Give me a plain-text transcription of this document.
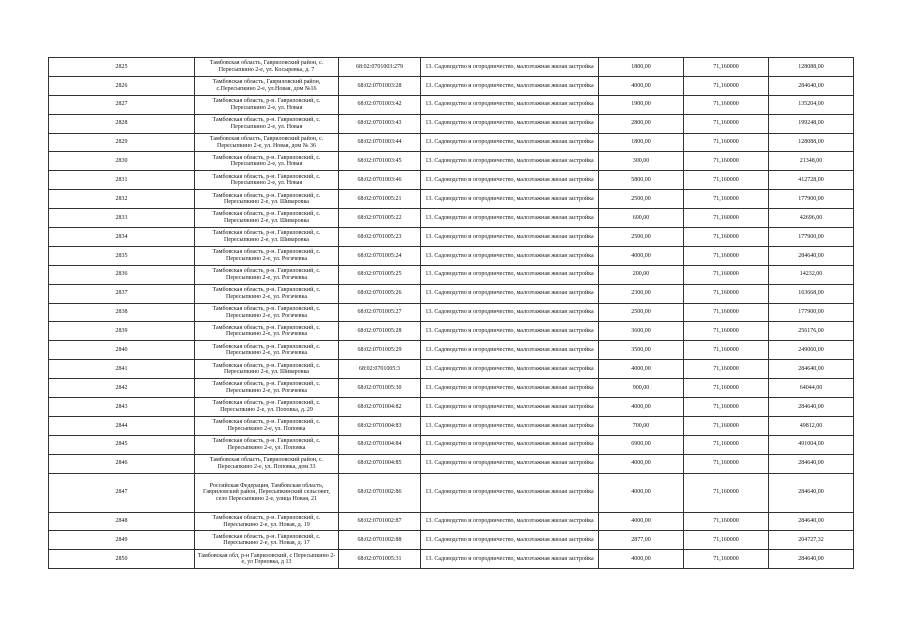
2825	Тамбовская область, Гавриловский район, с. Пересыпкино 2-е, ул. Косыревка, д. 7	68:02:0701003:279	13. Садоводство и огородничество, малоэтажная жилая застройка	1800,00	71,160000	128088,00
2826	Тамбовская область, Гавриловский район, с.Пересыпкино 2-е, ул.Новая, дом №16	68:02:0701003:28	13. Садоводство и огородничество, малоэтажная жилая застройка	4000,00	71,160000	284640,00
2827	Тамбовская область, р-н. Гавриловский, с. Пересыпкино 2-е, ул. Новая	68:02:0701003:42	13. Садоводство и огородничество, малоэтажная жилая застройка	1900,00	71,160000	135204,00
2828	Тамбовская область, р-н. Гавриловский, с. Пересыпкино 2-е, ул. Новая	68:02:0701003:43	13. Садоводство и огородничество, малоэтажная жилая застройка	2800,00	71,160000	199248,00
2829	Тамбовская область, Гавриловский район, с. Пересыпкино 2-е, ул. Новая, дом № 36	68:02:0701003:44	13. Садоводство и огородничество, малоэтажная жилая застройка	1800,00	71,160000	128088,00
2830	Тамбовская область, р-н. Гавриловский, с. Пересыпкино 2-е, ул. Новая	68:02:0701003:45	13. Садоводство и огородничество, малоэтажная жилая застройка	300,00	71,160000	21348,00
2831	Тамбовская область, р-н. Гавриловский, с. Пересыпкино 2-е, ул. Новая	68:02:0701003:46	13. Садоводство и огородничество, малоэтажная жилая застройка	5800,00	71,160000	412728,00
2832	Тамбовская область, р-н. Гавриловский, с. Пересыпкино 2-е, ул. Шиваровка	68:02:0701005:21	13. Садоводство и огородничество, малоэтажная жилая застройка	2500,00	71,160000	177900,00
2833	Тамбовская область, р-н. Гавриловский, с. Пересыпкино 2-е, ул. Шиваровка	68:02:0701005:22	13. Садоводство и огородничество, малоэтажная жилая застройка	600,00	71,160000	42696,00
2834	Тамбовская область, р-н. Гавриловский, с. Пересыпкино 2-е, ул. Шиваровка	68:02:0701005:23	13. Садоводство и огородничество, малоэтажная жилая застройка	2500,00	71,160000	177900,00
2835	Тамбовская область, р-н. Гавриловский, с. Пересыпкино 2-е, ул. Рогачевка	68:02:0701005:24	13. Садоводство и огородничество, малоэтажная жилая застройка	4000,00	71,160000	284640,00
2836	Тамбовская область, р-н. Гавриловский, с. Пересыпкино 2-е, ул. Рогачевка	68:02:0701005:25	13. Садоводство и огородничество, малоэтажная жилая застройка	200,00	71,160000	14232,00
2837	Тамбовская область, р-н. Гавриловский, с. Пересыпкино 2-е, ул. Рогачевка	68:02:0701005:26	13. Садоводство и огородничество, малоэтажная жилая застройка	2300,00	71,160000	163668,00
2838	Тамбовская область, р-н. Гавриловский, с. Пересыпкино 2-е, ул. Рогачевка	68:02:0701005:27	13. Садоводство и огородничество, малоэтажная жилая застройка	2500,00	71,160000	177900,00
2839	Тамбовская область, р-н. Гавриловский, с. Пересыпкино 2-е, ул. Рогачевка	68:02:0701005:28	13. Садоводство и огородничество, малоэтажная жилая застройка	3600,00	71,160000	256176,00
2840	Тамбовская область, р-н. Гавриловский, с. Пересыпкино 2-е, ул. Рогачевка	68:02:0701005:29	13. Садоводство и огородничество, малоэтажная жилая застройка	3500,00	71,160000	249060,00
2841	Тамбовская область, р-н. Гавриловский, с. Пересыпкино 2-е, ул. Шиваровка	68:02:0701005:3	13. Садоводство и огородничество, малоэтажная жилая застройка	4000,00	71,160000	284640,00
2842	Тамбовская область, р-н. Гавриловский, с. Пересыпкино 2-е, ул. Рогачевка	68:02:0701005:30	13. Садоводство и огородничество, малоэтажная жилая застройка	900,00	71,160000	64044,00
2843	Тамбовская область, р-н. Гавриловский, с. Пересыпкино 2-е, ул. Поповка, д. 29	68:02:0701004:82	13. Садоводство и огородничество, малоэтажная жилая застройка	4000,00	71,160000	284640,00
2844	Тамбовская область, р-н. Гавриловский, с. Пересыпкино 2-е, ул. Поповка	68:02:0701004:83	13. Садоводство и огородничество, малоэтажная жилая застройка	700,00	71,160000	49812,00
2845	Тамбовская область, р-н. Гавриловский, с. Пересыпкино 2-е, ул. Поповка	68:02:0701004:84	13. Садоводство и огородничество, малоэтажная жилая застройка	6900,00	71,160000	491004,00
2846	Тамбовская область, Гавриловский район, с. Пересыпкино 2-е, ул. Поповка, дом 33	68:02:0701004:85	13. Садоводство и огородничество, малоэтажная жилая застройка	4000,00	71,160000	284640,00
2847	Российская Федерация, Тамбовская область, Гавриловский район, Пересыпкинский сельсовет, село Пересыпкино 2-е, улица Новая, 21	68:02:0701002:86	13. Садоводство и огородничество, малоэтажная жилая застройка	4000,00	71,160000	284640,00
2848	Тамбовская область, р-н. Гавриловский, с. Пересыпкино 2-е, ул. Новая, д. 19	68:02:0701002:87	13. Садоводство и огородничество, малоэтажная жилая застройка	4000,00	71,160000	284640,00
2849	Тамбовская область, р-н. Гавриловский, с. Пересыпкино 2-е, ул. Новая, д. 17	68:02:0701002:88	13. Садоводство и огородничество, малоэтажная жилая застройка	2877,00	71,160000	204727,32
2850	Тамбовская обл, р-н Гавриловский, с Пересыпкино 2-е, ул Горновка, д 13	68:02:0701005:31	13. Садоводство и огородничество, малоэтажная жилая застройка	4000,00	71,160000	284640,00
